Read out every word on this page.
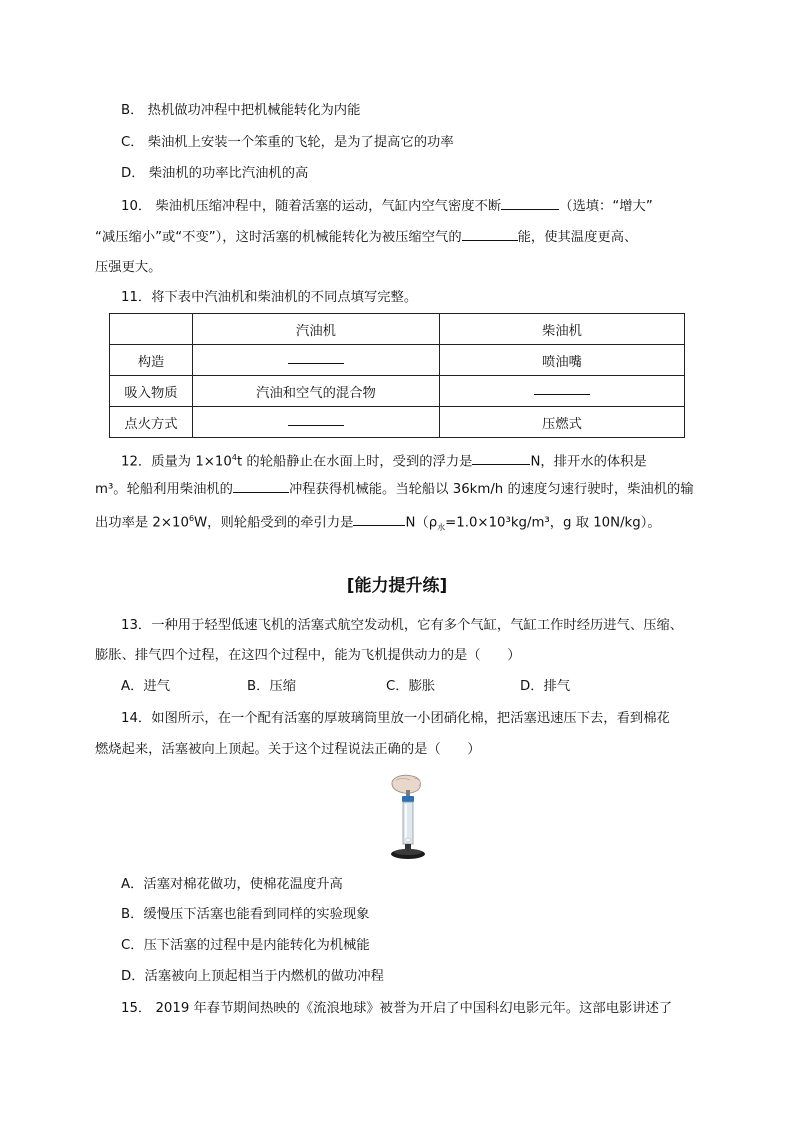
B． 热机做功冲程中把机械能转化为内能
C． 柴油机上安装一个笨重的飞轮，是为了提高它的功率
D． 柴油机的功率比汽油机的高
10． 柴油机压缩冲程中，随着活塞的运动，气缸内空气密度不断	（选填：“增大”
“减压缩小”或“不变”），这时活塞的机械能转化为被压缩空气的	能，使其温度更高、
压强更大。
11．将下表中汽油机和柴油机的不同点填写完整。
	汽油机	柴油机
构造		喷油嘴
吸入物质	汽油和空气的混合物	
点火方式		压燃式
12．质量为 $1\times 10^4t$ 的轮船静止在水面上时，受到的浮力是	N，排开水的体积是
m³。轮船利用柴油机的	冲程获得机械能。当轮船以 36km/h 的速度匀速行驶时，柴油机的输
出功率是 $2\times 10^6W$，则轮船受到的牵引力是	$N(\rho_水=1.0\times 10^3kg/m^3$，g 取 10N/kg）。
[能力提升练]
13．一种用于轻型低速飞机的活塞式航空发动机，它有多个气缸，气缸工作时经历进气、压缩、
膨胀、排气四个过程，在这四个过程中，能为飞机提供动力的是（　　）
A．进气	B．压缩	C．膨胀	D．排气
14．如图所示，在一个配有活塞的厚玻璃筒里放一小团硝化棉，把活塞迅速压下去，看到棉花
燃烧起来，活塞被向上顶起。关于这个过程说法正确的是（　　）
A．活塞对棉花做功，使棉花温度升高
B．缓慢压下活塞也能看到同样的实验现象
C．压下活塞的过程中是内能转化为机械能
D．活塞被向上顶起相当于内燃机的做功冲程
15． 2019 年春节期间热映的《流浪地球》被誉为开启了中国科幻电影元年。这部电影讲述了
